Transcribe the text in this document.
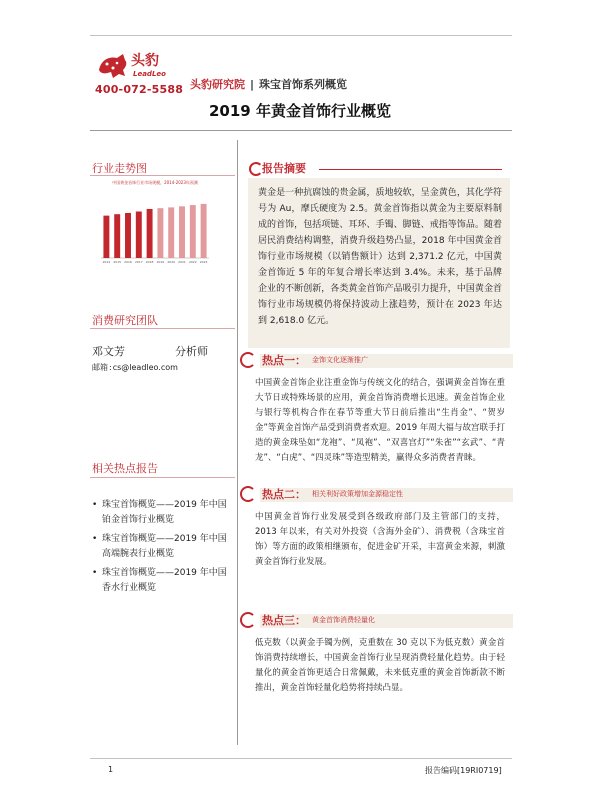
头豹
LeadLeo
400-072-5588 头豹研究院 | 珠宝首饰系列概览
2019 年黄金首饰行业概览
行业走势图
中国黄金首饰行业市场规模，2014-2023年预测
2014 2015 2016 2017 2018 2019 2020 2021 2022 2023
消费研究团队
邓文芳	分析师
邮箱:cs@leadleo.com
相关热点报告
• 珠宝首饰概览——2019 年中国铂金首饰行业概览
• 珠宝首饰概览——2019 年中国高端腕表行业概览
• 珠宝首饰概览——2019 年中国香水行业概览
报告摘要
黄金是一种抗腐蚀的贵金属，质地较软，呈金黄色，其化学符号为 Au，摩氏硬度为 2.5。黄金首饰指以黄金为主要原料制成的首饰，包括项链、耳环、手镯、脚链、戒指等饰品。随着居民消费结构调整，消费升级趋势凸显，2018 年中国黄金首饰行业市场规模（以销售额计）达到 2,371.2 亿元，中国黄金首饰近 5 年的年复合增长率达到 3.4%。未来，基于品牌企业的不断创新，各类黄金首饰产品吸引力提升，中国黄金首饰行业市场规模仍将保持波动上涨趋势，预计在 2023 年达到 2,618.0 亿元。
热点一： 金饰文化逐渐推广
中国黄金首饰企业注重金饰与传统文化的结合，强调黄金首饰在重大节日或特殊场景的应用，黄金首饰消费增长迅速。黄金首饰企业与银行等机构合作在春节等重大节日前后推出“生肖金”、“贺岁金”等黄金首饰产品受到消费者欢迎。2019 年周大福与故宫联手打造的黄金珠坠如“龙袍”、“凤袍”、“双喜宫灯”“朱雀”“玄武”、“青龙”、“白虎”、“四灵珠”等造型精美，赢得众多消费者青睐。
热点二： 相关利好政策增加金源稳定性
中国黄金首饰行业发展受到各级政府部门及主管部门的支持，2013 年以来，有关对外投资（含海外金矿）、消费税（含珠宝首饰）等方面的政策相继颁布，促进金矿开采，丰富黄金来源，刺激黄金首饰行业发展。
热点三： 黄金首饰消费轻量化
低克数（以黄金手镯为例，克重数在 30 克以下为低克数）黄金首饰消费持续增长，中国黄金首饰行业呈现消费轻量化趋势。由于轻量化的黄金首饰更适合日常佩戴，未来低克重的黄金首饰新款不断推出，黄金首饰轻量化趋势将持续凸显。
1	报告编码[19RI0719]
